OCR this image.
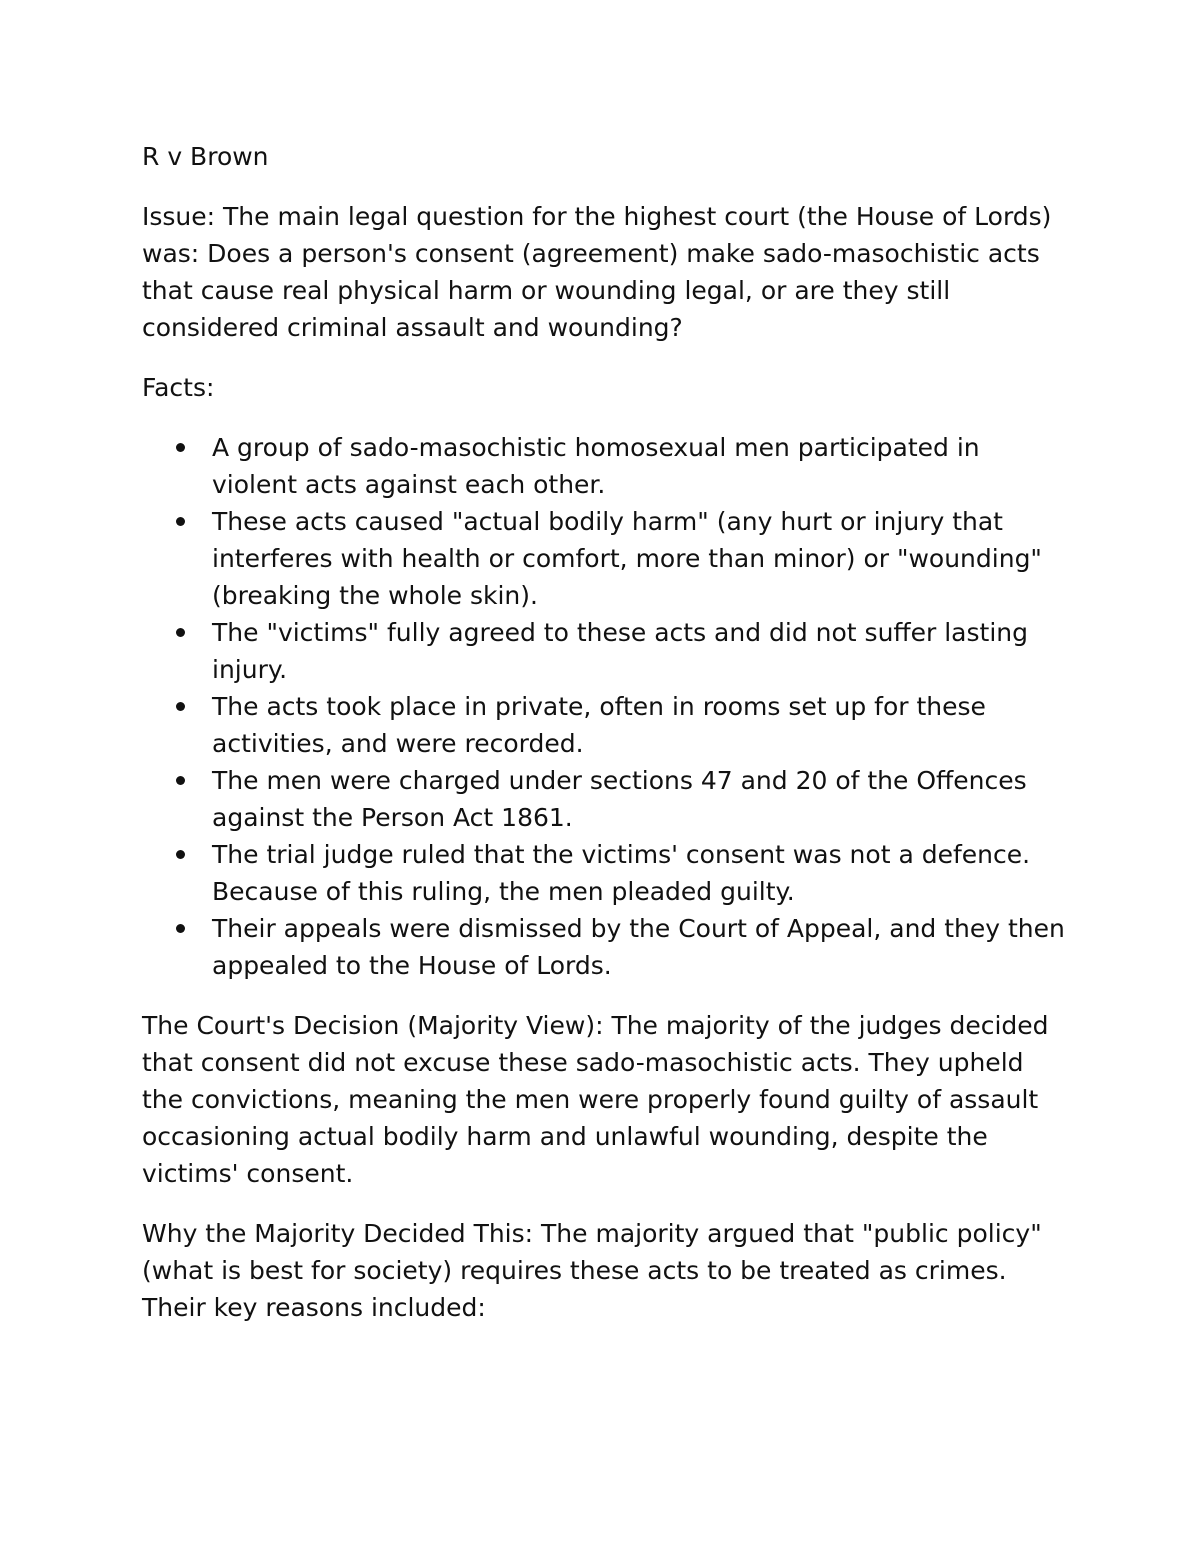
R v Brown

Issue: The main legal question for the highest court (the House of Lords) was: Does a person's consent (agreement) make sado-masochistic acts that cause real physical harm or wounding legal, or are they still considered criminal assault and wounding?

Facts:

A group of sado-masochistic homosexual men participated in violent acts against each other.
These acts caused "actual bodily harm" (any hurt or injury that interferes with health or comfort, more than minor) or "wounding" (breaking the whole skin).
The "victims" fully agreed to these acts and did not suffer lasting injury.
The acts took place in private, often in rooms set up for these activities, and were recorded.
The men were charged under sections 47 and 20 of the Offences against the Person Act 1861.
The trial judge ruled that the victims' consent was not a defence. Because of this ruling, the men pleaded guilty.
Their appeals were dismissed by the Court of Appeal, and they then appealed to the House of Lords.

The Court's Decision (Majority View): The majority of the judges decided that consent did not excuse these sado-masochistic acts. They upheld the convictions, meaning the men were properly found guilty of assault occasioning actual bodily harm and unlawful wounding, despite the victims' consent.

Why the Majority Decided This: The majority argued that "public policy" (what is best for society) requires these acts to be treated as crimes. Their key reasons included:
